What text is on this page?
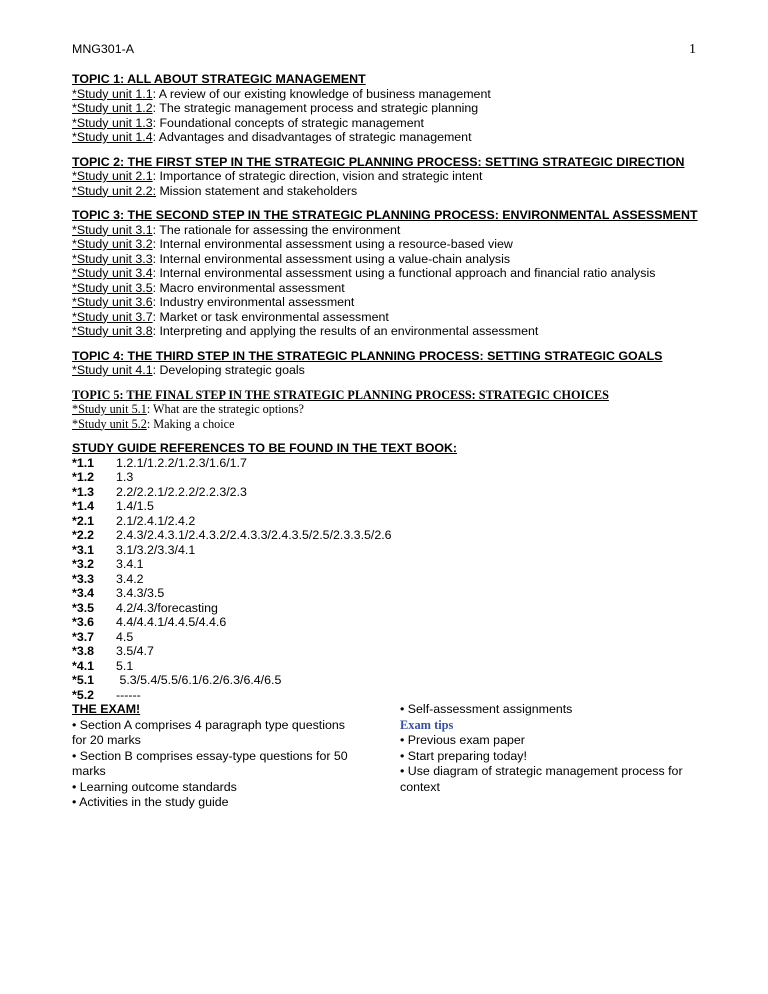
MNG301-A	1

TOPIC 1: ALL ABOUT STRATEGIC MANAGEMENT

*Study unit 1.1: A review of our existing knowledge of business management

*Study unit 1.2: The strategic management process and strategic planning

*Study unit 1.3: Foundational concepts of strategic management

*Study unit 1.4: Advantages and disadvantages of strategic management

TOPIC 2: THE FIRST STEP IN THE STRATEGIC PLANNING PROCESS: SETTING STRATEGIC DIRECTION

*Study unit 2.1: Importance of strategic direction, vision and strategic intent

*Study unit 2.2: Mission statement and stakeholders

TOPIC 3: THE SECOND STEP IN THE STRATEGIC PLANNING PROCESS: ENVIRONMENTAL ASSESSMENT

*Study unit 3.1: The rationale for assessing the environment

*Study unit 3.2: Internal environmental assessment using a resource-based view

*Study unit 3.3: Internal environmental assessment using a value-chain analysis

*Study unit 3.4: Internal environmental assessment using a functional approach and financial ratio analysis

*Study unit 3.5: Macro environmental assessment

*Study unit 3.6: Industry environmental assessment

*Study unit 3.7: Market or task environmental assessment

*Study unit 3.8: Interpreting and applying the results of an environmental assessment

TOPIC 4: THE THIRD STEP IN THE STRATEGIC PLANNING PROCESS: SETTING STRATEGIC GOALS

*Study unit 4.1: Developing strategic goals

TOPIC 5: THE FINAL STEP IN THE STRATEGIC PLANNING PROCESS: STRATEGIC CHOICES

*Study unit 5.1: What are the strategic options?

*Study unit 5.2: Making a choice

STUDY GUIDE REFERENCES TO BE FOUND IN THE TEXT BOOK:

*1.1	1.2.1/1.2.2/1.2.3/1.6/1.7
*1.2	1.3
*1.3	2.2/2.2.1/2.2.2/2.2.3/2.3
*1.4	1.4/1.5
*2.1	2.1/2.4.1/2.4.2
*2.2	2.4.3/2.4.3.1/2.4.3.2/2.4.3.3/2.4.3.5/2.5/2.3.3.5/2.6
*3.1	3.1/3.2/3.3/4.1
*3.2	3.4.1
*3.3	3.4.2
*3.4	3.4.3/3.5
*3.5	4.2/4.3/forecasting
*3.6	4.4/4.4.1/4.4.5/4.4.6
*3.7	4.5
*3.8	3.5/4.7
*4.1	5.1
*5.1	5.3/5.4/5.5/6.1/6.2/6.3/6.4/6.5
*5.2	------
THE EXAM!
• Section A comprises 4 paragraph type questions for 20 marks
• Section B comprises essay-type questions for 50 marks
• Learning outcome standards
• Activities in the study guide
• Self-assessment assignments
Exam tips
• Previous exam paper
• Start preparing today!
• Use diagram of strategic management process for context
